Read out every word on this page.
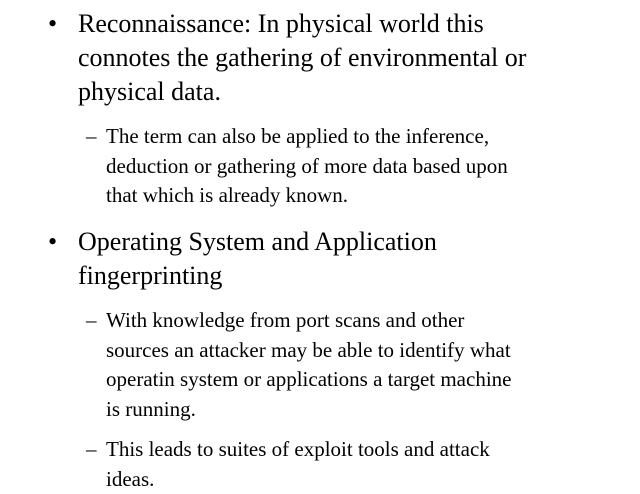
• Reconnaissance: In physical world this
connotes the gathering of environmental or
physical data.
– The term can also be applied to the inference,
deduction or gathering of more data based upon
that which is already known.
• Operating System and Application
fingerprinting
– With knowledge from port scans and other
sources an attacker may be able to identify what
operatin system or applications a target machine
is running.
– This leads to suites of exploit tools and attack
ideas.
